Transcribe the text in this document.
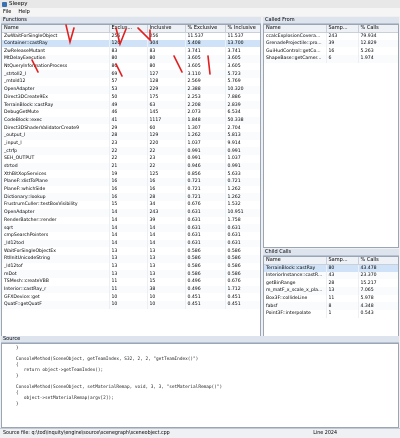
Sleepy
File Help
Functions
Name	Exclus...	Inclusive	% Exclusive	% Inclusive
ZwWaitForSingleObject	256	256	11.537	11.537
Container::castRay	120	304	5.408	13.700
ZwReleaseMutant	83	83	3.741	3.741
MtDelayExecution	80	80	3.605	3.605
NtQueryInformationProcess	80	80	3.605	3.605
_strtoll2_l	69	127	3.110	5.723
_mtold12	57	128	2.569	5.769
OpenAdapter	53	229	2.388	10.320
Direct3DCreate9Ex	50	175	2.253	7.886
TerrainBlock::castRay	49	63	2.208	2.839
DebugGetMute	46	145	2.073	6.534
CodeBlock::exec	41	1117	1.848	50.338
Direct3DShaderValidatorCreate9	29	60	1.307	2.704
_output_l	28	129	1.262	5.813
_input_l	23	220	1.037	9.914
_ctrfp	22	22	0.991	0.991
SEH_OUTPUT	22	23	0.991	1.037
strtod	21	22	0.946	0.991
XthBitXopServices	19	125	0.856	5.633
PlaneF::distToPlane	16	16	0.721	0.721
PlaneF::whichSide	16	16	0.721	1.262
Dictionary::lookup	16	28	0.721	1.262
FrustrumCuller::testBoxVisibility	15	34	0.676	1.532
OpenAdapter	14	243	0.631	10.951
RenderBatcher::render	14	39	0.631	1.758
sqrt	14	14	0.631	0.631
cmpSearchPointers	14	14	0.631	0.631
_ld12tod	14	14	0.631	0.631
WaitForSingleObjectEx	13	13	0.586	0.586
RtlInitUnicodeString	13	13	0.586	0.586
_ld12tof	13	13	0.586	0.586
mDot	13	13	0.586	0.586
TSMesh::createVBB	11	15	0.496	0.676
Interior::castRay_r	11	38	0.496	1.712
GFXDevice::get	10	10	0.451	0.451
QuatF::getQuatF	10	10	0.451	0.451
Called From
Name	Samp...	% Calls
ccalcExplosionCovera...	243	79.934
GrenadeProjectile::pro...	39	12.829
GuiHudControl::getCo...	16	5.263
ShapeBase::getCamer...	6	1.974
Child Calls
Name	Samp...	% Calls
TerrainBlock::castRay	80	43.478
InteriorInstance::castR...	43	23.370
getBinRange	28	15.217
m_matF_x_scale_x_pla...	13	7.065
Box3F::collideLine	11	5.978
fabsf	8	4.348
Point3F::interpolate	1	0.543
Source
}

ConsoleMethod(SceneObject, getTeamIndex, S32, 2, 2, "getTeamIndex()")
{
return object->getTeamIndex();
}

ConsoleMethod(SceneObject, setMaterialRemap, void, 3, 3, "setMaterialRemap()")
{
object->setMaterialRemap(argv[2]);
}

Source file: q:\tod\inquity\engine\source\scenegraph\sceneobject.cpp	Line 2024
